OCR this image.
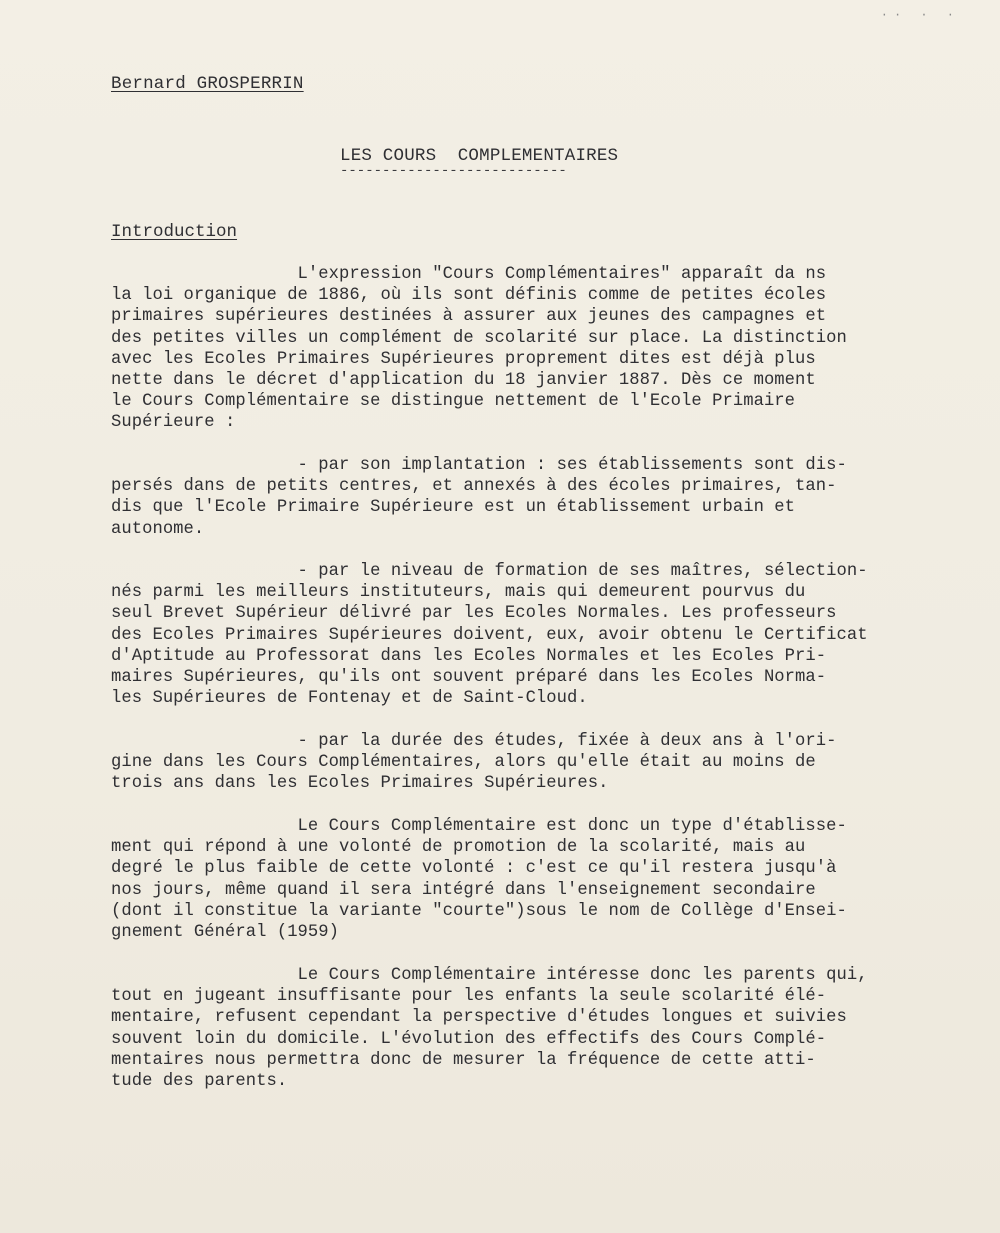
·· · ·
Bernard GROSPERRIN
LES COURS  COMPLEMENTAIRES
---------------------------
Introduction

L'expression "Cours Complémentaires" apparaît da ns
la loi organique de 1886, où ils sont définis comme de petites écoles
primaires supérieures destinées à assurer aux jeunes des campagnes et
des petites villes un complément de scolarité sur place. La distinction
avec les Ecoles Primaires Supérieures proprement dites est déjà plus
nette dans le décret d'application du 18 janvier 1887. Dès ce moment
le Cours Complémentaire se distingue nettement de l'Ecole Primaire
Supérieure :

- par son implantation : ses établissements sont dis-
persés dans de petits centres, et annexés à des écoles primaires, tan-
dis que l'Ecole Primaire Supérieure est un établissement urbain et
autonome.

- par le niveau de formation de ses maîtres, sélection-
nés parmi les meilleurs instituteurs, mais qui demeurent pourvus du
seul Brevet Supérieur délivré par les Ecoles Normales. Les professeurs
des Ecoles Primaires Supérieures doivent, eux, avoir obtenu le Certificat
d'Aptitude au Professorat dans les Ecoles Normales et les Ecoles Pri-
maires Supérieures, qu'ils ont souvent préparé dans les Ecoles Norma-
les Supérieures de Fontenay et de Saint-Cloud.

- par la durée des études, fixée à deux ans à l'ori-
gine dans les Cours Complémentaires, alors qu'elle était au moins de
trois ans dans les Ecoles Primaires Supérieures.

Le Cours Complémentaire est donc un type d'établisse-
ment qui répond à une volonté de promotion de la scolarité, mais au
degré le plus faible de cette volonté : c'est ce qu'il restera jusqu'à
nos jours, même quand il sera intégré dans l'enseignement secondaire
(dont il constitue la variante "courte")sous le nom de Collège d'Ensei-
gnement Général (1959)

Le Cours Complémentaire intéresse donc les parents qui,
tout en jugeant insuffisante pour les enfants la seule scolarité élé-
mentaire, refusent cependant la perspective d'études longues et suivies
souvent loin du domicile. L'évolution des effectifs des Cours Complé-
mentaires nous permettra donc de mesurer la fréquence de cette atti-
tude des parents.
